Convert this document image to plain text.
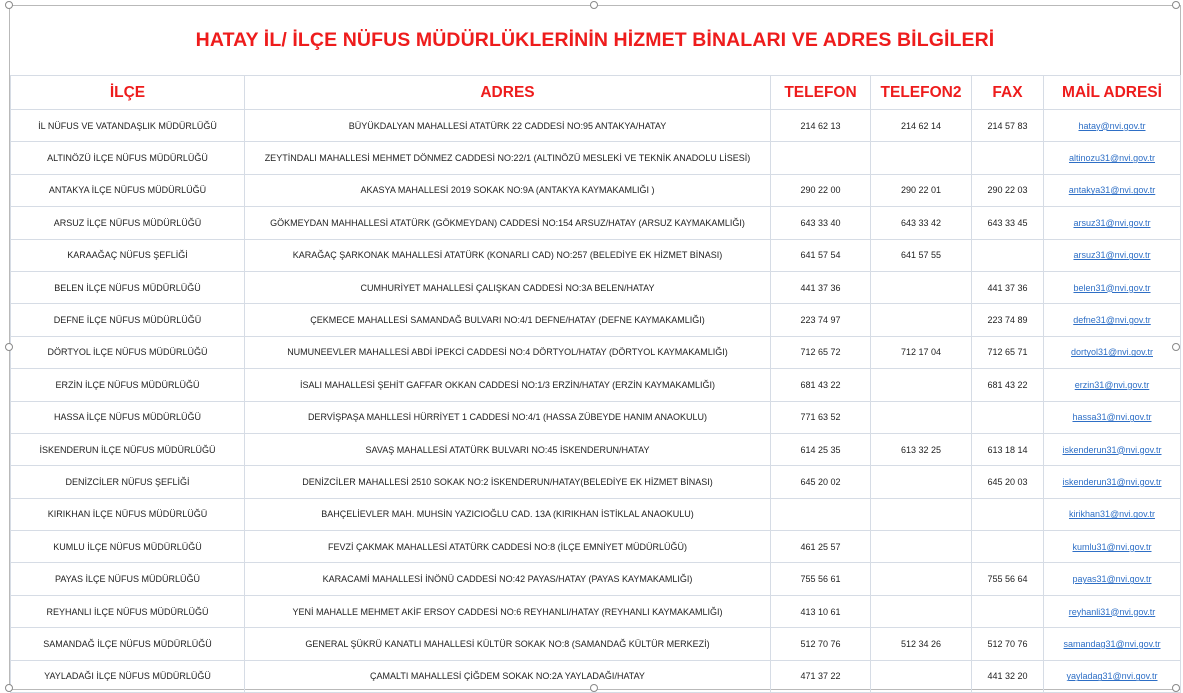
HATAY İL/ İLÇE NÜFUS MÜDÜRLÜKLERİNİN HİZMET BİNALARI VE ADRES BİLGİLERİ
İLÇE	ADRES	TELEFON	TELEFON2	FAX	MAİL ADRESİ
İL NÜFUS VE VATANDAŞLIK MÜDÜRLÜĞÜ	BÜYÜKDALYAN MAHALLESİ ATATÜRK 22 CADDESİ NO:95 ANTAKYA/HATAY	214 62 13	214 62 14	214 57 83	hatay@nvi.gov.tr
ALTINÖZÜ İLÇE NÜFUS MÜDÜRLÜĞÜ	ZEYTİNDALI MAHALLESİ MEHMET DÖNMEZ CADDESİ NO:22/1 (ALTINÖZÜ MESLEKİ VE TEKNİK ANADOLU LİSESİ)				altinozu31@nvi.gov.tr
ANTAKYA İLÇE NÜFUS MÜDÜRLÜĞÜ	AKASYA MAHALLESİ 2019 SOKAK NO:9A (ANTAKYA KAYMAKAMLIĞI )	290 22 00	290 22 01	290 22 03	antakya31@nvi.gov.tr
ARSUZ İLÇE NÜFUS MÜDÜRLÜĞÜ	GÖKMEYDAN MAHHALLESİ ATATÜRK (GÖKMEYDAN) CADDESİ NO:154 ARSUZ/HATAY (ARSUZ KAYMAKAMLIĞI)	643 33 40	643 33 42	643 33 45	arsuz31@nvi.gov.tr
KARAAĞAÇ NÜFUS ŞEFLİĞİ	KARAĞAÇ ŞARKONAK MAHALLESİ ATATÜRK (KONARLI CAD) NO:257 (BELEDİYE EK HİZMET BİNASI)	641 57 54	641 57 55		arsuz31@nvi.gov.tr
BELEN İLÇE NÜFUS MÜDÜRLÜĞÜ	CUMHURİYET MAHALLESİ ÇALIŞKAN CADDESİ NO:3A BELEN/HATAY	441 37 36		441 37 36	belen31@nvi.gov.tr
DEFNE İLÇE NÜFUS MÜDÜRLÜĞÜ	ÇEKMECE MAHALLESİ SAMANDAĞ BULVARI NO:4/1 DEFNE/HATAY (DEFNE KAYMAKAMLIĞI)	223 74 97		223 74 89	defne31@nvi.gov.tr
DÖRTYOL İLÇE NÜFUS MÜDÜRLÜĞÜ	NUMUNEEVLER MAHALLESİ ABDİ İPEKCİ CADDESİ NO:4 DÖRTYOL/HATAY (DÖRTYOL KAYMAKAMLIĞI)	712 65 72	712 17 04	712 65 71	dortyol31@nvi.gov.tr
ERZİN İLÇE NÜFUS MÜDÜRLÜĞÜ	İSALI MAHALLESİ ŞEHİT GAFFAR OKKAN CADDESİ NO:1/3 ERZİN/HATAY (ERZİN KAYMAKAMLIĞI)	681 43 22		681 43 22	erzin31@nvi.gov.tr
HASSA İLÇE NÜFUS MÜDÜRLÜĞÜ	DERVİŞPAŞA MAHLLESİ HÜRRİYET 1 CADDESİ NO:4/1 (HASSA ZÜBEYDE HANIM ANAOKULU)	771 63 52			hassa31@nvi.gov.tr
İSKENDERUN İLÇE NÜFUS MÜDÜRLÜĞÜ	SAVAŞ MAHALLESİ ATATÜRK BULVARI NO:45 İSKENDERUN/HATAY	614 25 35	613 32 25	613 18 14	iskenderun31@nvi.gov.tr
DENİZCİLER NÜFUS ŞEFLİĞİ	DENİZCİLER MAHALLESİ 2510 SOKAK NO:2 İSKENDERUN/HATAY(BELEDİYE EK HİZMET BİNASI)	645 20 02		645 20 03	iskenderun31@nvi.gov.tr
KIRIKHAN İLÇE NÜFUS MÜDÜRLÜĞÜ	BAHÇELİEVLER MAH. MUHSİN YAZICIOĞLU CAD. 13A (KIRIKHAN İSTİKLAL ANAOKULU)				kirikhan31@nvi.gov.tr
KUMLU İLÇE NÜFUS MÜDÜRLÜĞÜ	FEVZİ ÇAKMAK MAHALLESİ ATATÜRK CADDESİ NO:8 (İLÇE EMNİYET MÜDÜRLÜĞÜ)	461 25 57			kumlu31@nvi.gov.tr
PAYAS İLÇE NÜFUS MÜDÜRLÜĞÜ	KARACAMİ MAHALLESİ İNÖNÜ CADDESİ NO:42 PAYAS/HATAY (PAYAS KAYMAKAMLIĞI)	755 56 61		755 56 64	payas31@nvi.gov.tr
REYHANLI İLÇE NÜFUS MÜDÜRLÜĞÜ	YENİ MAHALLE MEHMET AKİF ERSOY CADDESİ NO:6 REYHANLI/HATAY (REYHANLI KAYMAKAMLIĞI)	413 10 61			reyhanli31@nvi.gov.tr
SAMANDAĞ İLÇE NÜFUS MÜDÜRLÜĞÜ	GENERAL ŞÜKRÜ KANATLI MAHALLESİ KÜLTÜR SOKAK NO:8 (SAMANDAĞ KÜLTÜR MERKEZİ)	512 70 76	512 34 26	512 70 76	samandag31@nvi.gov.tr
YAYLADAĞI İLÇE NÜFUS MÜDÜRLÜĞÜ	ÇAMALTI MAHALLESİ ÇİĞDEM SOKAK NO:2A YAYLADAĞI/HATAY	471 37 22		441 32 20	yayladag31@nvi.gov.tr
